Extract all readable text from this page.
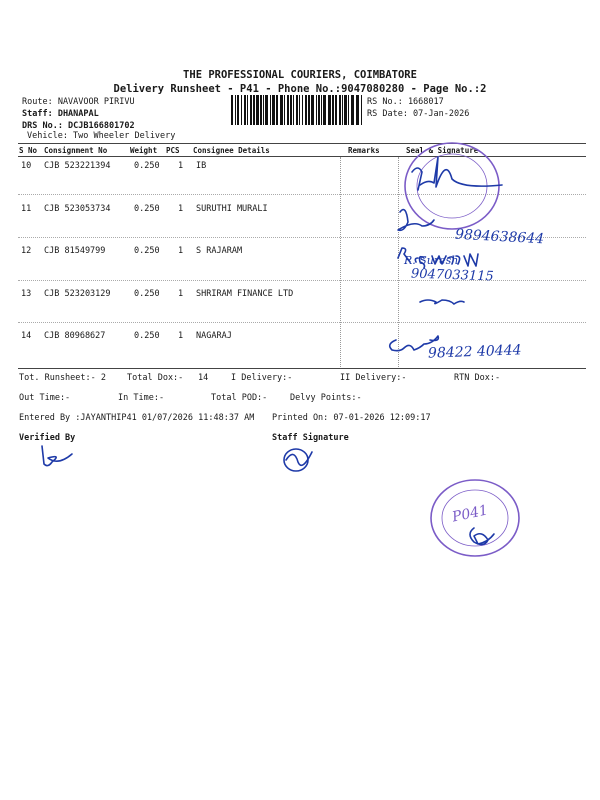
THE PROFESSIONAL COURIERS, COIMBATORE
Delivery Runsheet - P41 - Phone No.:9047080280 - Page No.:2
Route: NAVAVOOR PIRIVU
Staff: DHANAPAL
DRS No.: DCJB166801702
Vehicle: Two Wheeler Delivery
RS No.: 1668017
RS Date: 07-Jan-2026
S No Consignment No	Weight PCS Consignee Details	Remarks	Seal & Signature
10 CJB 523221394	0.250 1 IB
11 CJB 523053734	0.250 1 SURUTHI MURALI
12 CJB 81549799	0.250 1 S RAJARAM
13 CJB 523203129	0.250 1 SHRIRAM FINANCE LTD
14 CJB 80968627	0.250 1 NAGARAJ
Tot. Runsheet:- 2 Total Dox:- 14	I Delivery:-	II Delivery:-	RTN Dox:-
Out Time:-	In Time:-	Total POD:-	Delvy Points:-
Entered By :JAYANTHIP41 01/07/2026 11:48:37 AM Printed On: 07-01-2026 12:09:17
Verified By	Staff Signature
9894638644
R. Suresh
9047033115
98422 40444
P041
